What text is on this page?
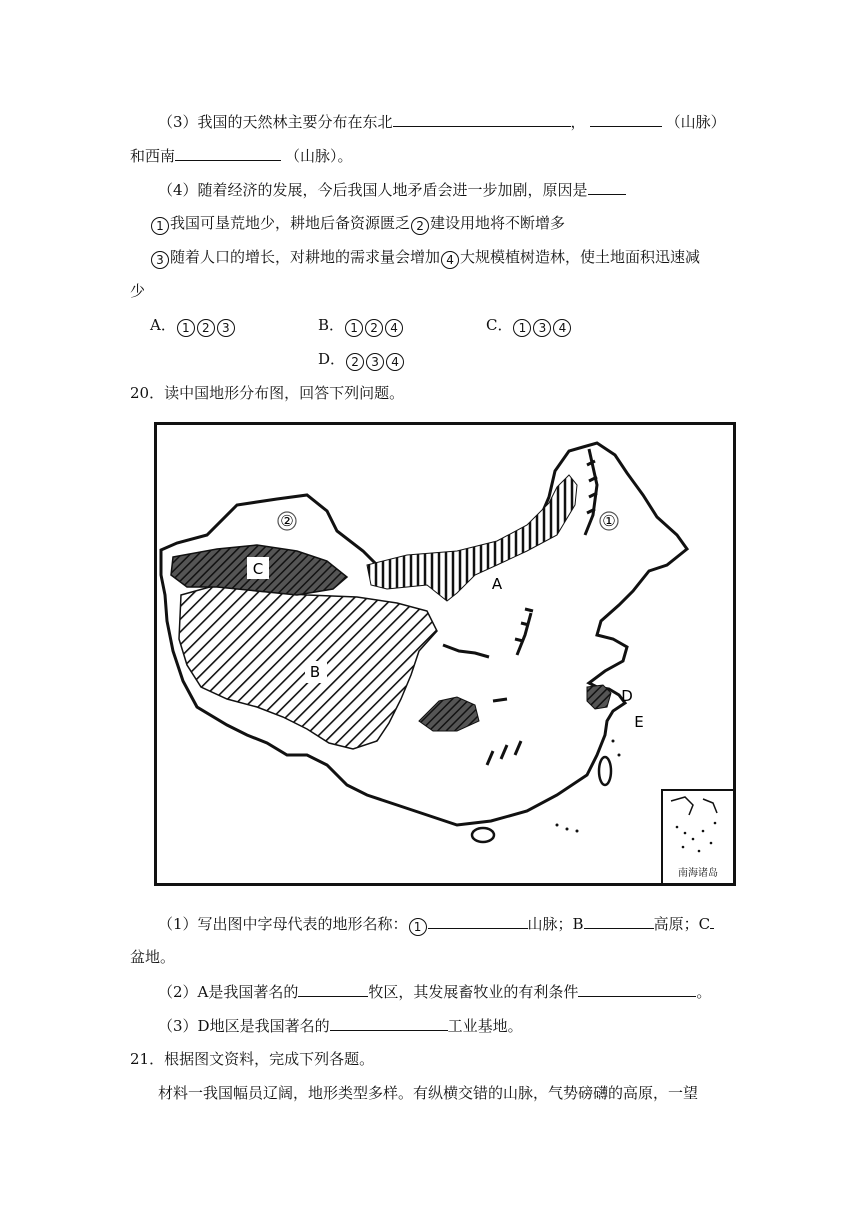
（3）我国的天然林主要分布在东北	，	（山脉）
和西南	（山脉）。
（4）随着经济的发展，今后我国人地矛盾会进一步加剧，原因是
1 我国可垦荒地少，耕地后备资源匮乏 2 建设用地将不断增多
3 随着人口的增长，对耕地的需求量会增加 4 大规模植树造林，使土地面积迅速减
少
A． 1 2 3	B． 1 2 4	C． 1 3 4
D． 2 3 4
20．读中国地形分布图，回答下列问题。
②	①
C
A
B
D
E
南海诸岛
（1）写出图中字母代表的地形名称： 1	山脉；B	高原；C
盆地。
（2）A是我国著名的	牧区，其发展畜牧业的有利条件	。
（3）D地区是我国著名的	工业基地。
21．根据图文资料，完成下列各题。
材料一我国幅员辽阔，地形类型多样。有纵横交错的山脉，气势磅礴的高原，一望
